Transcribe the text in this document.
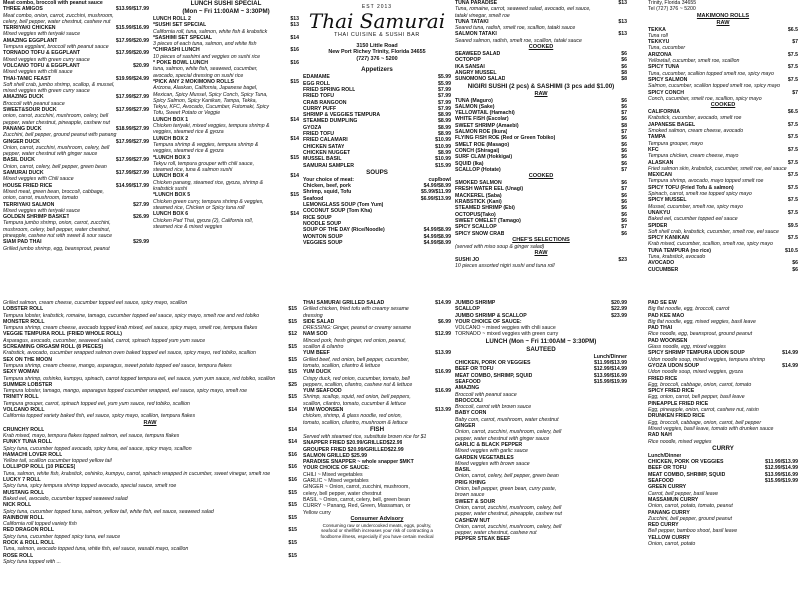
Meat combo, broccoli with peanut sauce
THREE AMIGOS	$13.99/$17.99
Meat combo, onion, carrot, zucchini, mushroom,
celery, bell pepper, water chestnut, cashew nut
TERRIYAKI CHICKEN	$15.99/$16.99
Mixed veggies with teriyaki sauce
AMAZING EGGPLANT	$17.99/$20.99
Tempura eggplant, broccoli with peanut sauce
TORNADO TOFU & EGGPLANT	$17.99/$20.99
Mixed veggies with green curry sauce
VOLCANO TOFU & EGGPLANT	$20.99
Mixed veggies with chili sauce
THAI-TANIC FEAST	$19.99/$24.99
Soft shell crab, jumbo shrimp, scallop, & mussel,
mixed veggies with green curry sauce
AMAZING DUCK	$17.99/$27.99
Broccoli with peanut sauce
SWEET&SOUR DUCK	$17.99/$27.99
onion, carrot, zucchini, mushroom, celery, bell
pepper, water chestnut, pineapple, cashew nut
PANANG DUCK	$18.99/$27.99
Zucchini, bell pepper, ground peanut with panang
GINGER DUCK	$17.99/$27.99
Onion, carrot, zucchini, mushroom, celery, bell
pepper, water chestnut with ginger sauce
BASIL DUCK	$17.99/$27.99
Onion, carrot, celery, bell pepper, green bean
SAMURAI DUCK	$17.99/$27.99
Mixed veggies with Chili sauce
HOUSE FRIED RICE	$14.99/$17.99
Mixed meat, green bean, broccoli, cabbage,
onion, carrot, mushroom, tomato
TERRIYAKI SALMON	$27.99
Mixed veggies with teriyaki sauce
GOLDEN SHRIMP BASKET	$26.99
Tempura jumbo shrimp, onion, carrot, zucchini,
mushroom, celery, bell pepper, water chestnut,
pineapple, cashew nut with sweet & sour sauce
SIAM PAD THAI	$29.99
Grilled jumbo shrimp, egg, beansprout, peanut
LUNCH SUSHI SPECIAL
(Mon ~ Fri 11:00AM ~ 3:30PM)
LUNCH ROLL 2	$13
*SUSHI SET SPECIAL	$13
California roll, tuna, salmon, white fish & krabstick
*SASHIMI SET SPECIAL	$14
3 pieces of each tuna, salmon, and white fish
*CHIRASHI LUNCH	$16
10 pieces of sashimi and veggies on sushi rice
* POKE BOWL LUNCH	$16
tuna, salmon, white fish, seaweed, cucumber,
avocado, special dressing on sushi rice
*PICK ANY 2 MOKIMONO ROLLS	$15
Arizona, Alaskan, California, Japanese bagel,
Mexican, Spicy Mussel, Spicy Conch, Spicy Tuna,
Spicy Salmon, Spicy Kanikan, Tampa, Tekka,
Tekyu, KFC, Avocado, Cucumber, Futomaki, Spicy
Tofu, Sweet Potato or Veggie
LUNCH BOX 1	$14
Chicken teriyaki, mixed veggies, tempura shrimp &
veggies, steamed rice & gyoza
LUNCH BOX 2	$14
Tempura shrimp & veggies, tempura shrimp &
veggies, steamed rice & gyoza
*LUNCH BOX 3	$15
Tekyu roll, tempura grouper with chili sauce,
steamed rice, tuna & salmon sushi
LUNCH BOX 4	$14
Chicken panang, steamed rice, gyoza, shrimp &
krabstick sushi
*LUNCH BOX 5	$15
Chicken green curry, tempura shrimp & veggies,
steamed rice, Chicken or Spicy tuna roll
LUNCH BOX 6	$14
Chicken Pad Thai, gyoza (2), California roll,
steamed rice & mixed veggies
EST 2013
Thai Samurai
THAI CUISINE & SUSHI BAR
3150 Little Road
New Port Richey Trinity, Florida 34655
(727) 376 ~ 5200
Appetizers
EDAMAME	$5.99
EGG ROLL	$5.99
FRIED SPRING ROLL	$7.99
FRIED TOFU	$7.99
CRAB RANGOON	$7.99
CURRY PUFF	$7.99
SHRIMP & VEGGIES TEMPURA	$8.99
STEAMED DUMPLING	$8.99
GYOZA	$8.99
FRIED TOFU	$8.99
FRIED CALAMARI	$10.99
CHICKEN SATAY	$10.99
CHICKEN NUGGET	$8.99
MUSSEL BASIL	$10.99
SAMURAI SAMPLER	$15.99
SOUPS
Your choice of meat:	cup/bowl
Chicken, beef, pork	$4.99/$8.99
Shrimp, squid, Tofu	$5.99/$11.99
Seafood	$6.99/$13.99
LEMONGLASS SOUP (Tom Yum)
COCONUT SOUP (Tom Kha)
RICE SOUP
NOODLE SOUP
SOUP OF THE DAY (Rice/Noodle)	$4.99/$8.99
WONTON SOUP	$4.99/$8.99
VEGGIES SOUP	$4.99/$8.99
TUNA PARADISE	$13
Tuna, romaine, carrot, seaweed salad, avocado, eel sauce,
tataki vinegar, smelt roe
TUNA TATAKI	$13
Seared tuna, radish, smelt roe, scallion, tataki sauce
SALMON TATAKI	$13
Seared salmon, radish, smelt roe, scallion, tataki sauce
COOKED
SEAWEED SALAD	$6
OCTOPOP	$6
IKA SANSAI	$6
ANGRY MUSSEL	$8
SUNOMONO SALAD	$8
NIGIRI SUSHI (2 pcs) & SASHIMI (3 pcs add $1.00)
RAW
TUNA (Maguro)	$6
SALMON (Sake)	$6
YELLOWTAIL (Hamachi)	$7
WHITE FISH (Escolar)	$6
SWEET SHRIMP (Amaebi)	$8
SALMON ROE (Ikura)	$7
FLYING FISH ROE (Red or Green Tobiko)	$6
SMELT ROE (Masago)	$6
CONCH (Shiragai)	$6
SURF CLAM (Hokkigai)	$6
SQUID (Ika)	$6
SCALLOP (Hotate)	$7
COOKED
SMOKED SALMON	$6
FRESH WATER EEL (Unagi)	$7
MACKEREL (Saba)	$6
KRABSTICK (Kani)	$6
STEAMED SHRIMP (Ebi)	$6
OCTOPUS(Tako)	$6
SWEET OMELET (Tamago)	$6
SPICY SCALLOP	$7
SPICY SNOW CRAB	$6
CHEF'S SELECTIONS
(served with miso soup & ginger salad)
RAW
SUSHI JO	$23
10 pieces assorted nigiri sushi and tuna roll
Trinity, Florida 34655
Tel (727) 376 ~ 5200
MAKIMONO ROLLS
RAW
TEKKA	$6.5
Tuna roll
TEKKYU	$7
Tuna, cucumber
ARIZONA	$7.5
Yellowtail, cucumber, smelt roe, scallion
SPICY TUNA	$7.5
Tuna, cucumber, scallion topped smelt roe, spicy mayo
SPICY SALMON	$7.5
Salmon, cucumber, scallion topped smelt roe, spicy mayo
SPICY CONCH	$7
Conch, cucumber, smelt roe, scallion, spicy mayo
COOKED
CALIFORNIA	$6.5
Krabstick, cucumber, avocado, smelt roe
JAPANESE BAGEL	$7.5
Smoked salmon, cream cheese, avocado
TAMPA	$7.5
Tempura grouper, mayo
KFC	$7.5
Tempura chicken, cream cheese, mayo
ALASKAN	$7.5
Fried salmon skin, krabstick, cucumber, smelt roe, eel sauce
MEXICAN	$7.5
Tempura shrimp, avocado, mayo topped smelt roe
SPICY TOFU (Fried Tofu & salmon)	$7.5
Spinach, carrot, smelt roe topped spicy mayo
SPICY MUSSEL	$7.5
Mussel, cucumber, smelt roe, spicy mayo
UNAKYU	$7.5
Baked eel, cucumber topped eel sauce
SPIDER	$9.5
Soft shell crab, krabstick, cucumber, smelt roe, eel sauce
SPICY KANIKAN	$7.5
Krab mixed, cucumber, scallion, smelt roe, spicy mayo
TUNA TEMPURA (no rice)	$10.5
Tuna, krabstick, avocado
AVOCADO	$6
CUCUMBER	$6
Grilled salmon, cream cheese, cucumber topped eel sauce, spicy mayo, scallion
LOBSTER ROLL	$15
Tempura lobster, krabstick, romaine, tamago, cucumber topped eel sauce, spicy mayo, smelt roe and red tobiko
MONSTER ROLL	$15
Tempura shrimp, cream cheese, avocado topped krab mixed, eel sauce, spicy mayo, smelt roe, tempura flakes
VEGGIE TEMPURA ROLL (FRIED WHOLE ROLL)	$12
Asparagus, avocado, cucumber, seaweed salad, carrot, spinach topped yum yum sauce
SCREAMING ORGASM ROLL (8 PIECES)	$15
Krabstick, avocado, cucumber wrapped salmon oven baked topped eel sauce, spicy mayo, red tobiko, scallion
SEX ON THE MOON	$15
Tempura shrimp, cream cheese, mango, asparagus, sweet potato topped eel sauce, tempura flakes
SEXY WOMAN	$15
Tempura shrimp, oshinko, kumpyu, spinach, carrot topped tempura eel, eel sauce, yum yum sauce, red tobiko, scallion
SUMMER LOBSTER	$25
Tempura lobster, tamago, mango, asparagus topped cucumber wrapped, eel sauce, spicy mayo, smelt roe
TRINITY ROLL	$15
Tempura grouper, carrot, spinach topped eel, yum yum sauce, red tobiko, scallion
VOLCANO ROLL	$14
California topped variety baked fish, eel sauce, spicy mayo, scallion, tempura flakes
RAW
CRUNCHY ROLL	$14
Krab mixed, mayo, tempura flakes topped salmon, eel sauce, tempura flakes
FUNKY TUNA ROLL	$14
Spicy tuna, cucumber topped avocado, spicy tuna, eel sauce, spicy mayo, scallion
HAMACHI LOVER ROLL	$16
Yellow tail, scallion cucumber topped yellow tail
LOLLIPOP ROLL (10 PIECES)	$16
Tuna, salmon, white fish, krabstick, oshinko, kumpyu, carrot, spinach wrapped in cucumber, sweet vinegar, smelt roe
LUCKY 7 ROLL	$16
Spicy tuna, spicy tempura shrimp topped avocado, special sauce, smelt roe
MUSTANG ROLL	$15
Baked eel, avocado, cucumber topped seaweed salad
NICK ROLL	$15
Spicy tuna, cucumber topped tuna, salmon, yellow tail, white fish, eel sauce, seaweed salad
RAINBOW ROLL	$15
California roll topped variety fish
RED DRAGON ROLL	$15
Spicy tuna, cucumber topped spicy tuna, eel sauce
ROCK & ROLL ROLL	$15
Tuna, salmon, avocado topped tuna, white fish, eel sauce, wasabi mayo, scallion
ROSE ROLL	$15
Spicy tuna topped with ...
THAI SAMURAI GRILLED SALAD	$14.99
Grilled chicken, fried tofu with creamy sesame
dressing
SIDE SALAD	$6.99
DRESSING: Ginger, peanut or creamy sesame
NAM SOD	$12.99
Minced pork, fresh ginger, red onion, peanut,
scallion & cilantro
YUM BEEF	$13.99
Grilled beef, red onion, bell pepper, cucumber,
tomato, scallion, cilantro & lettuce
YUM DUCK	$16.99
Crispy duck, red onion, cucumber, tomato, bell
peppers, scallion, cilantro, cashew nut & lettuce
YUM SEAFOOD	$16.99
Shrimp, scallop, squid, red onion, bell peppers,
scallion, cilantro, tomato, cucumber & lettuce
YUM WOONSEN	$13.99
chicken, shrimp, & glass noodle, red onion,
tomato, scallion, cilantro, mushroom & lettuce
FISH
Served with steamed rice, substitute brown rice for $1
SNAPPER FRIED $20.99/GRILLED$22.99
GROUPER FRIED $20.99/GRILLED$22.99
SALMON GRILLED $25.99
PARADISE SNAPPER ~ whole snapper $MKT
YOUR CHOICE OF SAUCE:
CHILI ~ Mixed vegetables
GARLIC ~ Mixed vegetables
GINGER ~ Onion, carrot, zucchini, mushroom,
celery, bell pepper, water chestnut
BASIL ~ Onion, carrot, celery, bell, green bean
CURRY ~ Panang, Red, Green, Massaman, or
Yellow curry
Consumer Advisory
Consuming raw or undercooked meats, eggs, poultry,
seafood or shellfish increases your risk of contracting a
foodborne illness, especially if you have certain medical
JUMBO SHRIMP	$20.99
SCALLOP	$22.99
JUMBO SHRIMP & SCALLOP	$23.99
YOUR CHOICE OF SAUCE:
VOLCANO ~ mixed veggies with chili sauce
TORNADO ~ mixed veggies with green curry
LUNCH (Mon ~ Fri 11:00AM ~ 3:30PM)
SAUTEED
Lunch/Dinner
CHICKEN, PORK OR VEGGIES	$11.99/$13.99
BEEF OR TOFU	$12.99/$14.99
MEAT COMBO, SHRIMP, SQUID	$13.99/$16.99
SEAFOOD	$15.99/$19.99
AMAZING
Broccoli with peanut sauce
BROCCOLI
Broccoli, carrot with brown sauce
BABY CORN
Baby corn, carrot, mushroom, water chestnut
GINGER
Onion, carrot, zucchini, mushroom, celery, bell
pepper, water chestnut with ginger sauce
GARLIC & BLACK PEPPER
Mixed veggies with garlic sauce
GARDEN VEGETABLES
Mixed veggies with brown sauce
BASIL
Onion, carrot, celery, bell pepper, green bean
PRIG KHING
Onion, bell pepper, green bean, curry paste,
brown sauce
SWEET & SOUR
Onion, carrot, zucchini, mushroom, celery, bell
pepper, water chestnut, pineapple, cashew nut
CASHEW NUT
Onion, carrot, zucchini, mushroom, celery, bell
pepper, water chestnut, cashew nut
PEPPER STEAK BEEF
PAD SE EW
Big flat noodle, egg, broccoli, carrot
PAD KEE MAO
Big flat noodle, egg, mixed veggies, basil leave
PAD THAI
Rice noodle, egg, beansprout, ground peanut
PAD WOONSEN
Glass noodle, egg, mixed veggies
SPICY SHRIMP TEMPURA UDON SOUP	$14.99
Udon noodle soup, mixed veggies, tempura shrimp
GYOZA UDON SOUP	$14.99
Udon noodle soup, mixed veggies, gyoza
FRIED RICE
Egg, broccoli, cabbage, onion, carrot, tomato
SPICY FRIED RICE
Egg, onion, carrot, bell pepper, basil leave
PINEAPPLE FRIED RICE
Egg, pineapple, onion, carrot, cashew nut, raisin
DRUNKEN FRIED RICE
Egg, broccoli, cabbage, onion, carrot, bell pepper
Mixed veggies, basil leave, tomato with drunken sauce
RAD NAH
Rice noodle, mixed veggies
CURRY
Lunch/Dinner
CHICKEN, PORK OR VEGGIES	$11.99/$13.99
BEEF OR TOFU	$12.99/$14.99
MEAT COMBO, SHRIMP, SQUID	$13.99/$16.99
SEAFOOD	$15.99/$19.99
GREEN CURRY
Carrot, bell pepper, basil leave
MASSAMUN CURRY
Onion, carrot, potato, tomato, peanut
PANANG CURRY
Zucchini, bell pepper, ground peanut
RED CURRY
Bell pepper, bamboo shoot, basil leave
YELLOW CURRY
Onion, carrot, potato
